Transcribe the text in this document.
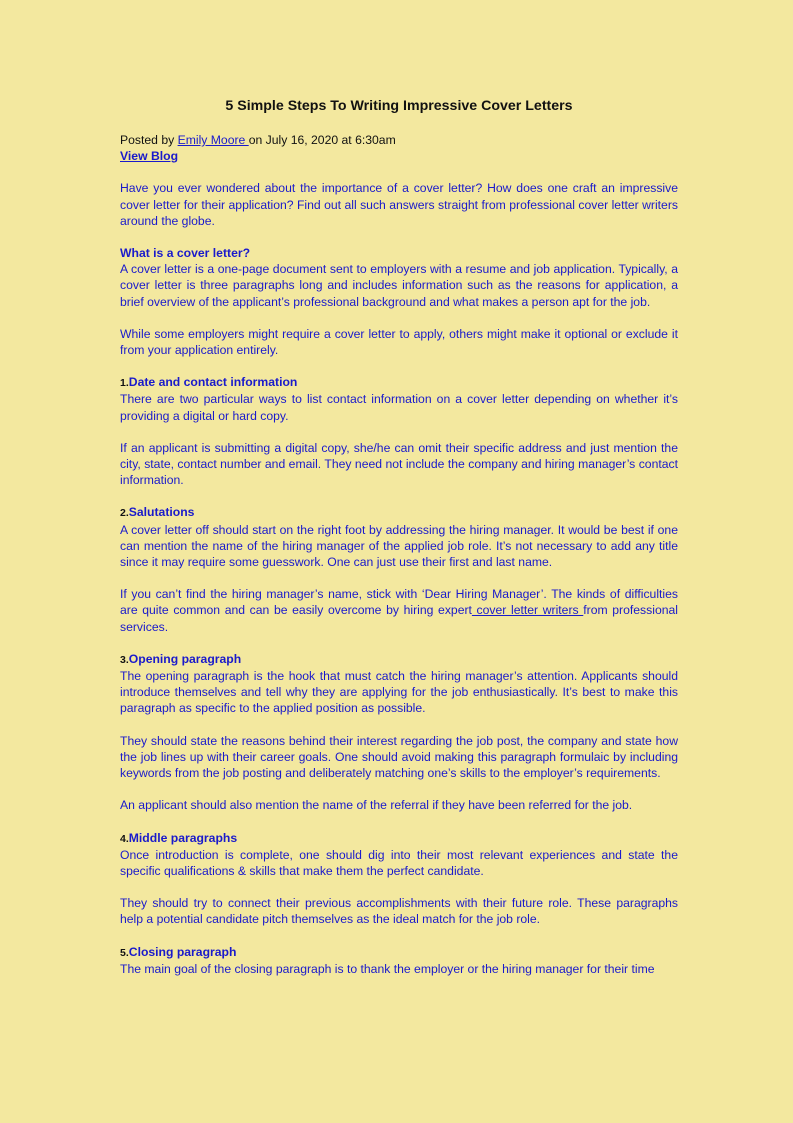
5 Simple Steps To Writing Impressive Cover Letters
Posted by Emily Moore on July 16, 2020 at 6:30am
View Blog

Have you ever wondered about the importance of a cover letter? How does one craft an impressive cover letter for their application? Find out all such answers straight from professional cover letter writers around the globe.

What is a cover letter?

A cover letter is a one-page document sent to employers with a resume and job application. Typically, a cover letter is three paragraphs long and includes information such as the reasons for application, a brief overview of the applicant’s professional background and what makes a person apt for the job.

While some employers might require a cover letter to apply, others might make it optional or exclude it from your application entirely.

1.Date and contact information

There are two particular ways to list contact information on a cover letter depending on whether it’s providing a digital or hard copy.

If an applicant is submitting a digital copy, she/he can omit their specific address and just mention the city, state, contact number and email. They need not include the company and hiring manager’s contact information.

2.Salutations

A cover letter off should start on the right foot by addressing the hiring manager. It would be best if one can mention the name of the hiring manager of the applied job role. It’s not necessary to add any title since it may require some guesswork. One can just use their first and last name.

If you can’t find the hiring manager’s name, stick with ‘Dear Hiring Manager’. The kinds of difficulties are quite common and can be easily overcome by hiring expert cover letter writers from professional services.

3.Opening paragraph

The opening paragraph is the hook that must catch the hiring manager’s attention. Applicants should introduce themselves and tell why they are applying for the job enthusiastically. It’s best to make this paragraph as specific to the applied position as possible.

They should state the reasons behind their interest regarding the job post, the company and state how the job lines up with their career goals. One should avoid making this paragraph formulaic by including keywords from the job posting and deliberately matching one’s skills to the employer’s requirements.

An applicant should also mention the name of the referral if they have been referred for the job.

4.Middle paragraphs

Once introduction is complete, one should dig into their most relevant experiences and state the specific qualifications & skills that make them the perfect candidate.

They should try to connect their previous accomplishments with their future role. These paragraphs help a potential candidate pitch themselves as the ideal match for the job role.

5.Closing paragraph

The main goal of the closing paragraph is to thank the employer or the hiring manager for their time
